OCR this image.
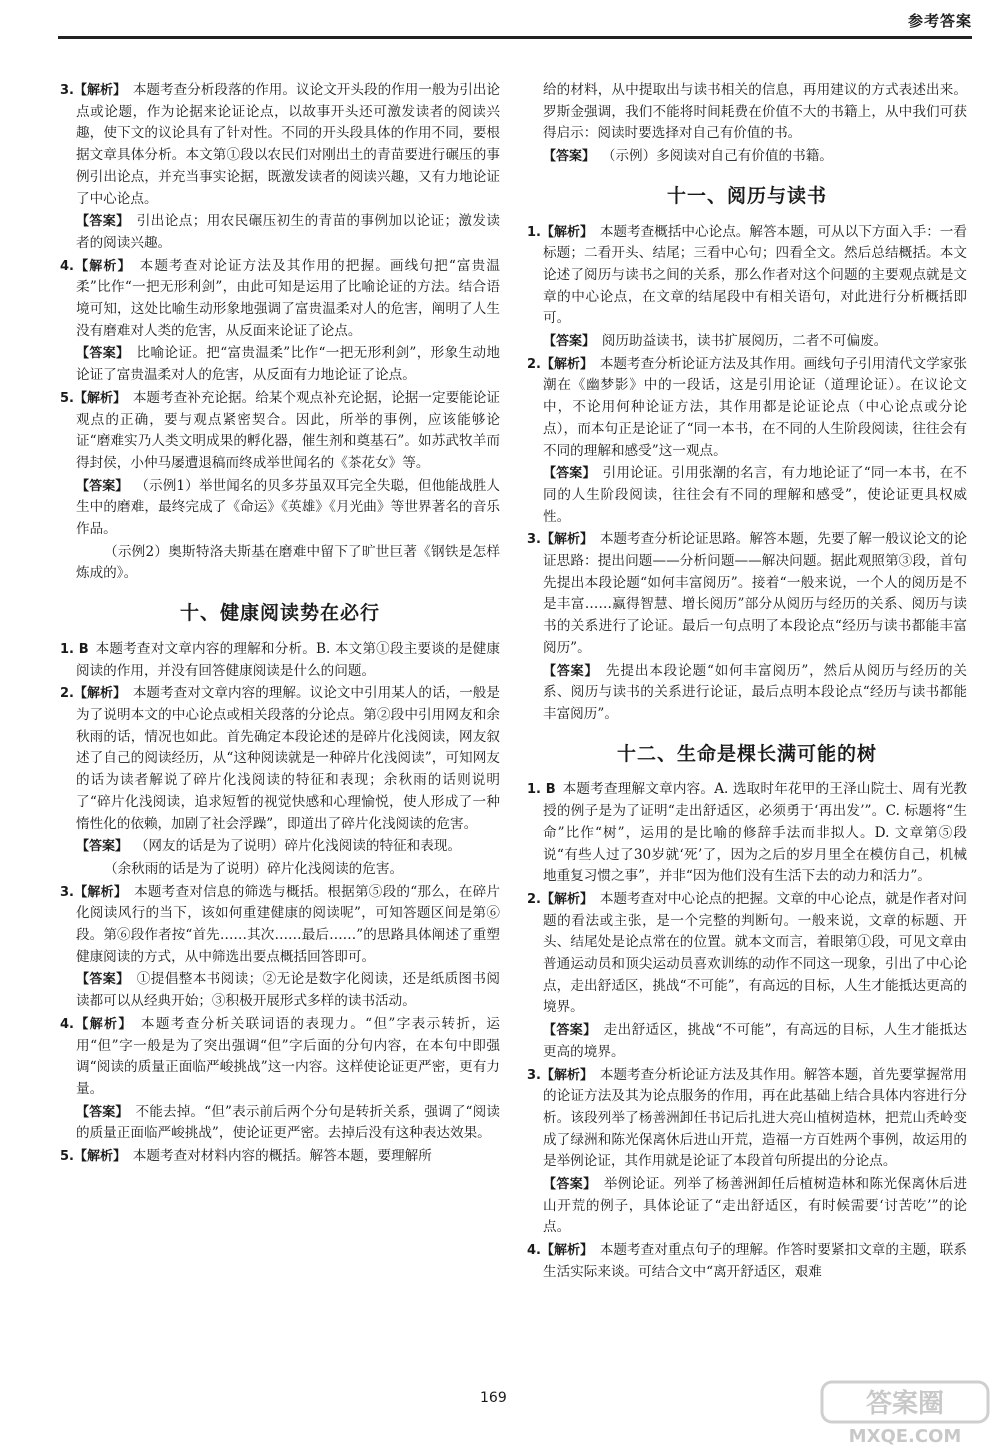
参考答案

3.【解析】  本题考查分析段落的作用。议论文开头段的作用一般为引出论点或论题，作为论据来论证论点，以故事开头还可激发读者的阅读兴趣，使下文的议论具有了针对性。不同的开头段具体的作用不同，要根据文章具体分析。本文第①段以农民们对刚出土的青苗要进行碾压的事例引出论点，并充当事实论据，既激发读者的阅读兴趣，又有力地论证了中心论点。

【答案】  引出论点；用农民碾压初生的青苗的事例加以论证；激发读者的阅读兴趣。

4.【解析】  本题考查对论证方法及其作用的把握。画线句把“富贵温柔”比作“一把无形利剑”，由此可知是运用了比喻论证的方法。结合语境可知，这处比喻生动形象地强调了富贵温柔对人的危害，阐明了人生没有磨难对人类的危害，从反面来论证了论点。

【答案】  比喻论证。把“富贵温柔”比作“一把无形利剑”，形象生动地论证了富贵温柔对人的危害，从反面有力地论证了论点。

5.【解析】  本题考查补充论据。给某个观点补充论据，论据一定要能论证观点的正确，要与观点紧密契合。因此，所举的事例，应该能够论证“磨难实乃人类文明成果的孵化器，催生剂和奠基石”。如苏武牧羊而得封侯，小仲马屡遭退稿而终成举世闻名的《茶花女》等。

【答案】  （示例1）举世闻名的贝多芬虽双耳完全失聪，但他能战胜人生中的磨难，最终完成了《命运》《英雄》《月光曲》等世界著名的音乐作品。

（示例2）奥斯特洛夫斯基在磨难中留下了旷世巨著《钢铁是怎样炼成的》。

十、健康阅读势在必行

1. B  本题考查对文章内容的理解和分析。B. 本文第①段主要谈的是健康阅读的作用，并没有回答健康阅读是什么的问题。

2.【解析】  本题考查对文章内容的理解。议论文中引用某人的话，一般是为了说明本文的中心论点或相关段落的分论点。第②段中引用网友和余秋雨的话，情况也如此。首先确定本段论述的是碎片化浅阅读，网友叙述了自己的阅读经历，从“这种阅读就是一种碎片化浅阅读”，可知网友的话为读者解说了碎片化浅阅读的特征和表现；余秋雨的话则说明了“碎片化浅阅读，追求短暂的视觉快感和心理愉悦，使人形成了一种惰性化的依赖，加剧了社会浮躁”，即道出了碎片化浅阅读的危害。

【答案】  （网友的话是为了说明）碎片化浅阅读的特征和表现。

（余秋雨的话是为了说明）碎片化浅阅读的危害。

3.【解析】  本题考查对信息的筛选与概括。根据第⑤段的“那么，在碎片化阅读风行的当下，该如何重建健康的阅读呢”，可知答题区间是第⑥段。第⑥段作者按“首先……其次……最后……”的思路具体阐述了重塑健康阅读的方式，从中筛选出要点概括回答即可。

【答案】  ①提倡整本书阅读；②无论是数字化阅读，还是纸质图书阅读都可以从经典开始；③积极开展形式多样的读书活动。

4.【解析】  本题考查分析关联词语的表现力。“但”字表示转折，运用“但”字一般是为了突出强调“但”字后面的分句内容，在本句中即强调“阅读的质量正面临严峻挑战”这一内容。这样使论证更严密，更有力量。

【答案】  不能去掉。“但”表示前后两个分句是转折关系，强调了“阅读的质量正面临严峻挑战”，使论证更严密。去掉后没有这种表达效果。

5.【解析】  本题考查对材料内容的概括。解答本题，要理解所

给的材料，从中提取出与读书相关的信息，再用建议的方式表述出来。罗斯金强调，我们不能将时间耗费在价值不大的书籍上，从中我们可获得启示：阅读时要选择对自己有价值的书。

【答案】  （示例）多阅读对自己有价值的书籍。

十一、阅历与读书

1.【解析】  本题考查概括中心论点。解答本题，可从以下方面入手：一看标题；二看开头、结尾；三看中心句；四看全文。然后总结概括。本文论述了阅历与读书之间的关系，那么作者对这个问题的主要观点就是文章的中心论点，在文章的结尾段中有相关语句，对此进行分析概括即可。

【答案】  阅历助益读书，读书扩展阅历，二者不可偏废。

2.【解析】  本题考查分析论证方法及其作用。画线句子引用清代文学家张潮在《幽梦影》中的一段话，这是引用论证（道理论证）。在议论文中，不论用何种论证方法，其作用都是论证论点（中心论点或分论点），而本句正是论证了“同一本书，在不同的人生阶段阅读，往往会有不同的理解和感受”这一观点。

【答案】  引用论证。引用张潮的名言，有力地论证了“同一本书，在不同的人生阶段阅读，往往会有不同的理解和感受”，使论证更具权威性。

3.【解析】  本题考查分析论证思路。解答本题，先要了解一般议论文的论证思路：提出问题——分析问题——解决问题。据此观照第③段，首句先提出本段论题“如何丰富阅历”。接着“一般来说，一个人的阅历是不是丰富……赢得智慧、增长阅历”部分从阅历与经历的关系、阅历与读书的关系进行了论证。最后一句点明了本段论点“经历与读书都能丰富阅历”。

【答案】  先提出本段论题“如何丰富阅历”，然后从阅历与经历的关系、阅历与读书的关系进行论证，最后点明本段论点“经历与读书都能丰富阅历”。

十二、生命是棵长满可能的树

1. B  本题考查理解文章内容。A. 选取时年花甲的王泽山院士、周有光教授的例子是为了证明“走出舒适区，必须勇于‘再出发’”。C. 标题将“生命”比作“树”，运用的是比喻的修辞手法而非拟人。D. 文章第⑤段说“有些人过了30岁就‘死’了，因为之后的岁月里全在模仿自己，机械地重复习惯之事”，并非“因为他们没有生活下去的动力和活力”。

2.【解析】  本题考查对中心论点的把握。文章的中心论点，就是作者对问题的看法或主张，是一个完整的判断句。一般来说，文章的标题、开头、结尾处是论点常在的位置。就本文而言，着眼第①段，可见文章由普通运动员和顶尖运动员喜欢训练的动作不同这一现象，引出了中心论点，走出舒适区，挑战“不可能”，有高远的目标，人生才能抵达更高的境界。

【答案】  走出舒适区，挑战“不可能”，有高远的目标，人生才能抵达更高的境界。

3.【解析】  本题考查分析论证方法及其作用。解答本题，首先要掌握常用的论证方法及其为论点服务的作用，再在此基础上结合具体内容进行分析。该段列举了杨善洲卸任书记后扎进大亮山植树造林，把荒山秃岭变成了绿洲和陈光保离休后进山开荒，造福一方百姓两个事例，故运用的是举例论证，其作用就是论证了本段首句所提出的分论点。

【答案】  举例论证。列举了杨善洲卸任后植树造林和陈光保离休后进山开荒的例子，具体论证了“走出舒适区，有时候需要‘讨苦吃’”的论点。

4.【解析】  本题考查对重点句子的理解。作答时要紧扣文章的主题，联系生活实际来谈。可结合文中“离开舒适区，艰难

169	答案圈
MXQE.COM
